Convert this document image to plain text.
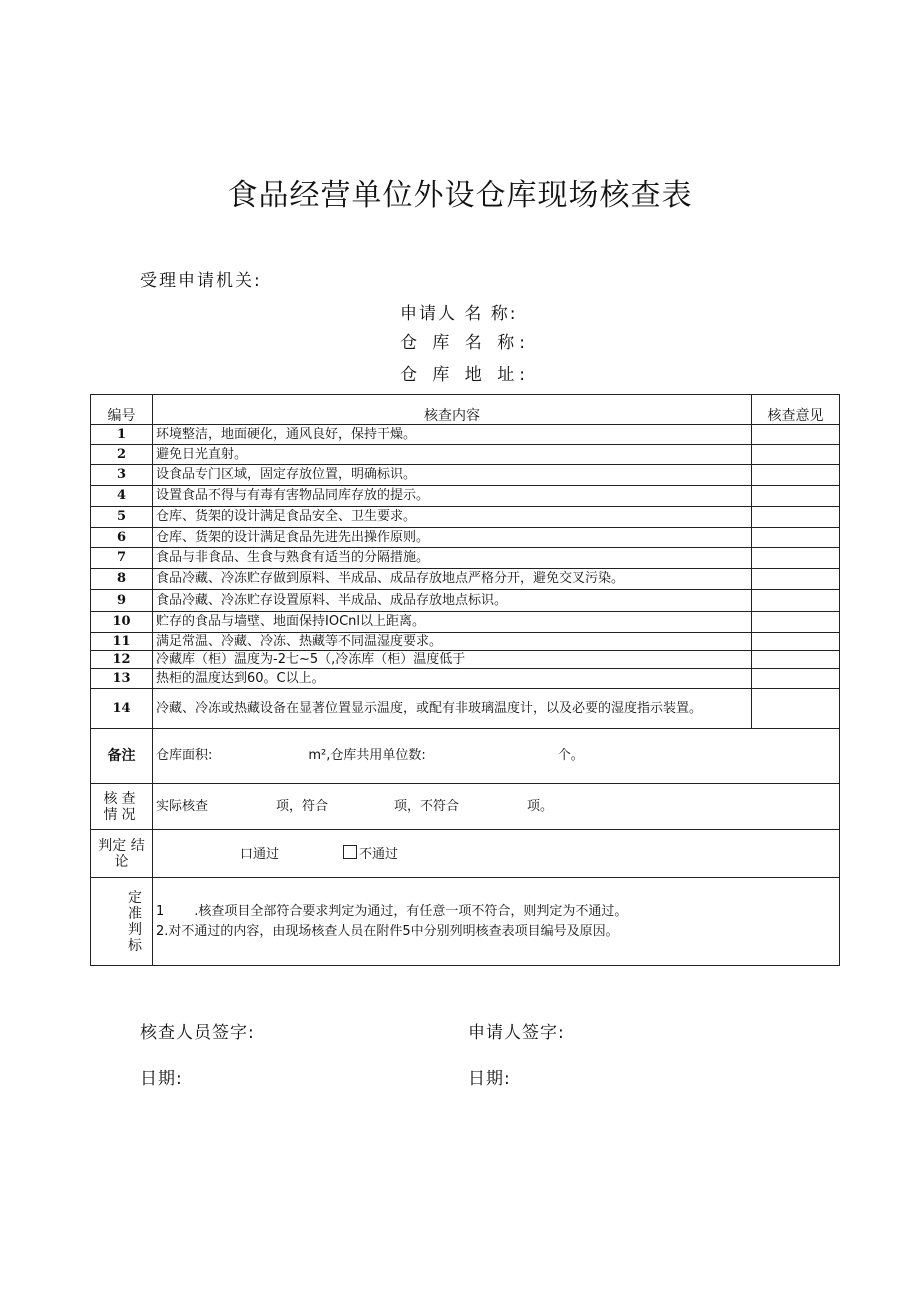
食品经营单位外设仓库现场核查表
受理申请机关:
申请人 名 称:
仓 库 名 称:
仓 库 地 址:
编号	核查内容	核查意见
1	环境整洁，地面硬化，通风良好，保持干燥。	
2	避免日光直射。	
3	设食品专门区域，固定存放位置，明确标识。	
4	设置食品不得与有毒有害物品同库存放的提示。	
5	仓库、货架的设计满足食品安全、卫生要求。	
6	仓库、货架的设计满足食品先进先出操作原则。	
7	食品与非食品、生食与熟食有适当的分隔措施。	
8	食品冷藏、冷冻贮存做到原料、半成品、成品存放地点严格分开，避免交叉污染。	
9	食品冷藏、冷冻贮存设置原料、半成品、成品存放地点标识。	
10	贮存的食品与墙壁、地面保持IOCnl以上距离。	
11	满足常温、冷藏、冷冻、热藏等不同温湿度要求。	
12	冷藏库（柜）温度为-2七~5（,冷冻库（柜）温度低于	
13	热柜的温度达到60。C以上。	
14	冷藏、冷冻或热藏设备在显著位置显示温度，或配有非玻璃温度计，以及必要的湿度指示装置。	
备注	仓库面积: m²,仓库共用单位数: 个。	
核查 情况	实际核查 项，符合 项，不符合 项。	
判定 结论	口通过 不通过	
定准判标	1 .核查项目全部符合要求判定为通过，有任意一项不符合，则判定为不通过。
2.对不通过的内容，由现场核查人员在附件5中分别列明核查表项目编号及原因。	
核查人员签字:	申请人签字:
日期:	日期:
